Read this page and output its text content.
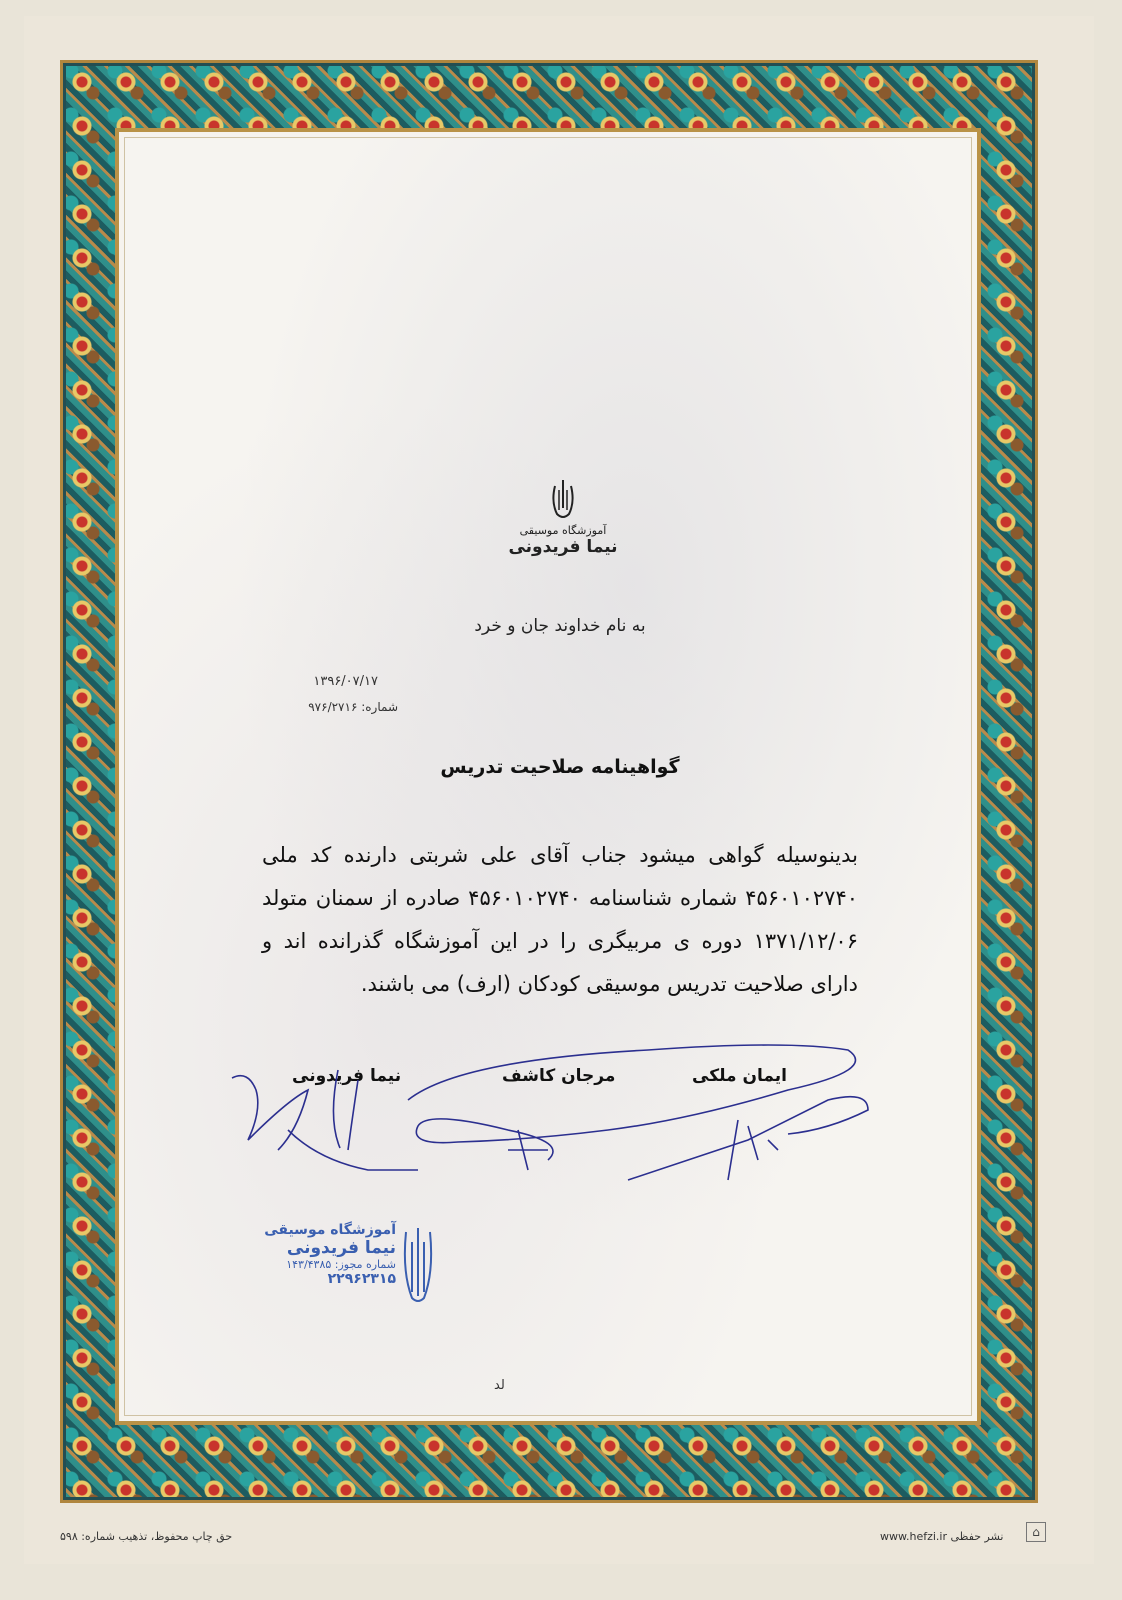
آموزشگاه موسیقی
نیما فریدونی
به نام خداوند جان و خرد
۱۳۹۶/۰۷/۱۷
شماره: ۹۷۶/۲۷۱۶
گواهینامه صلاحیت تدریس
بدینوسیله گواهی میشود جناب آقای علی شربتی دارنده کد ملی ۴۵۶۰۱۰۲۷۴۰ شماره شناسنامه ۴۵۶۰۱۰۲۷۴۰ صادره از سمنان متولد ۱۳۷۱/۱۲/۰۶ دوره ی مربیگری را در این آموزشگاه گذرانده اند و دارای صلاحیت تدریس موسیقی کودکان (ارف) می باشند.
ایمان ملکی
مرجان کاشف
نیما فریدونی
آموزشگاه موسیقی
نیما فریدونی
شماره مجوز: ۱۴۳/۴۳۸۵
۲۲۹۶۲۳۱۵
لد
حق چاپ محفوظ، تذهیب شماره: ۵۹۸	www.hefzi.ir نشر حفظی	⌂
